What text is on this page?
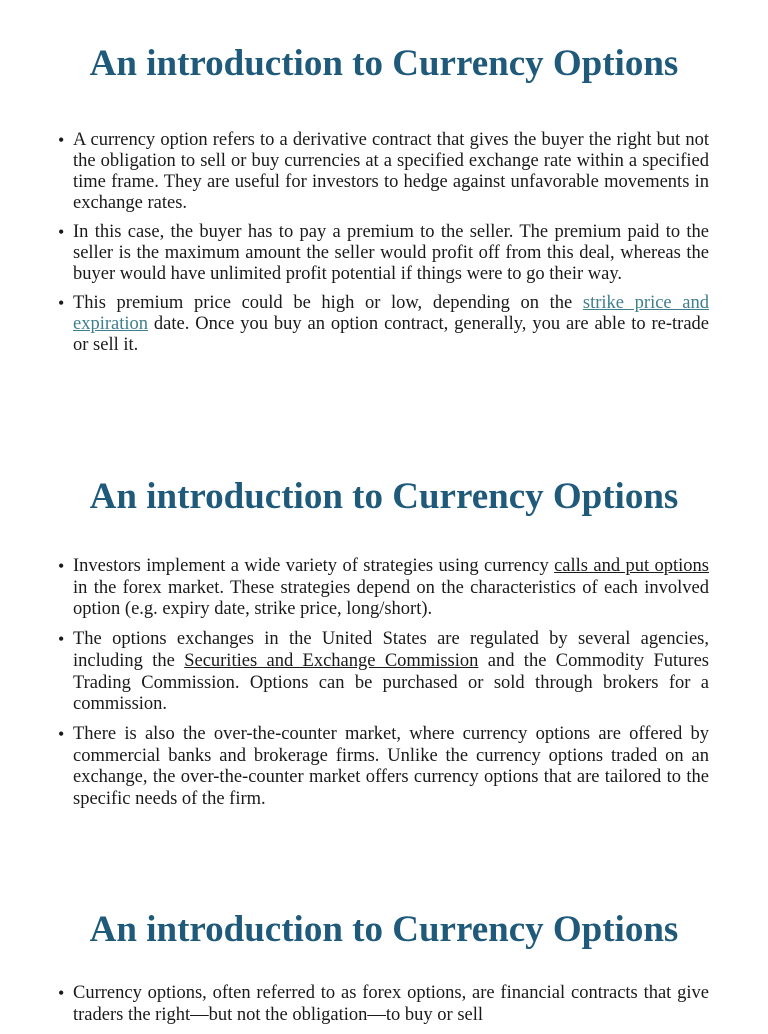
An introduction to Currency Options
• A currency option refers to a derivative contract that gives the buyer the right but not the obligation to sell or buy currencies at a specified exchange rate within a specified time frame. They are useful for investors to hedge against unfavorable movements in exchange rates.
• In this case, the buyer has to pay a premium to the seller. The premium paid to the seller is the maximum amount the seller would profit off from this deal, whereas the buyer would have unlimited profit potential if things were to go their way.
• This premium price could be high or low, depending on the strike price and expiration date. Once you buy an option contract, generally, you are able to re-trade or sell it.
An introduction to Currency Options
• Investors implement a wide variety of strategies using currency calls and put options in the forex market. These strategies depend on the characteristics of each involved option (e.g. expiry date, strike price, long/short).
• The options exchanges in the United States are regulated by several agencies, including the Securities and Exchange Commission and the Commodity Futures Trading Commission. Options can be purchased or sold through brokers for a commission.
• There is also the over-the-counter market, where currency options are offered by commercial banks and brokerage firms. Unlike the currency options traded on an exchange, the over-the-counter market offers currency options that are tailored to the specific needs of the firm.
An introduction to Currency Options
• Currency options, often referred to as forex options, are financial contracts that give traders the right—but not the obligation—to buy or sell
